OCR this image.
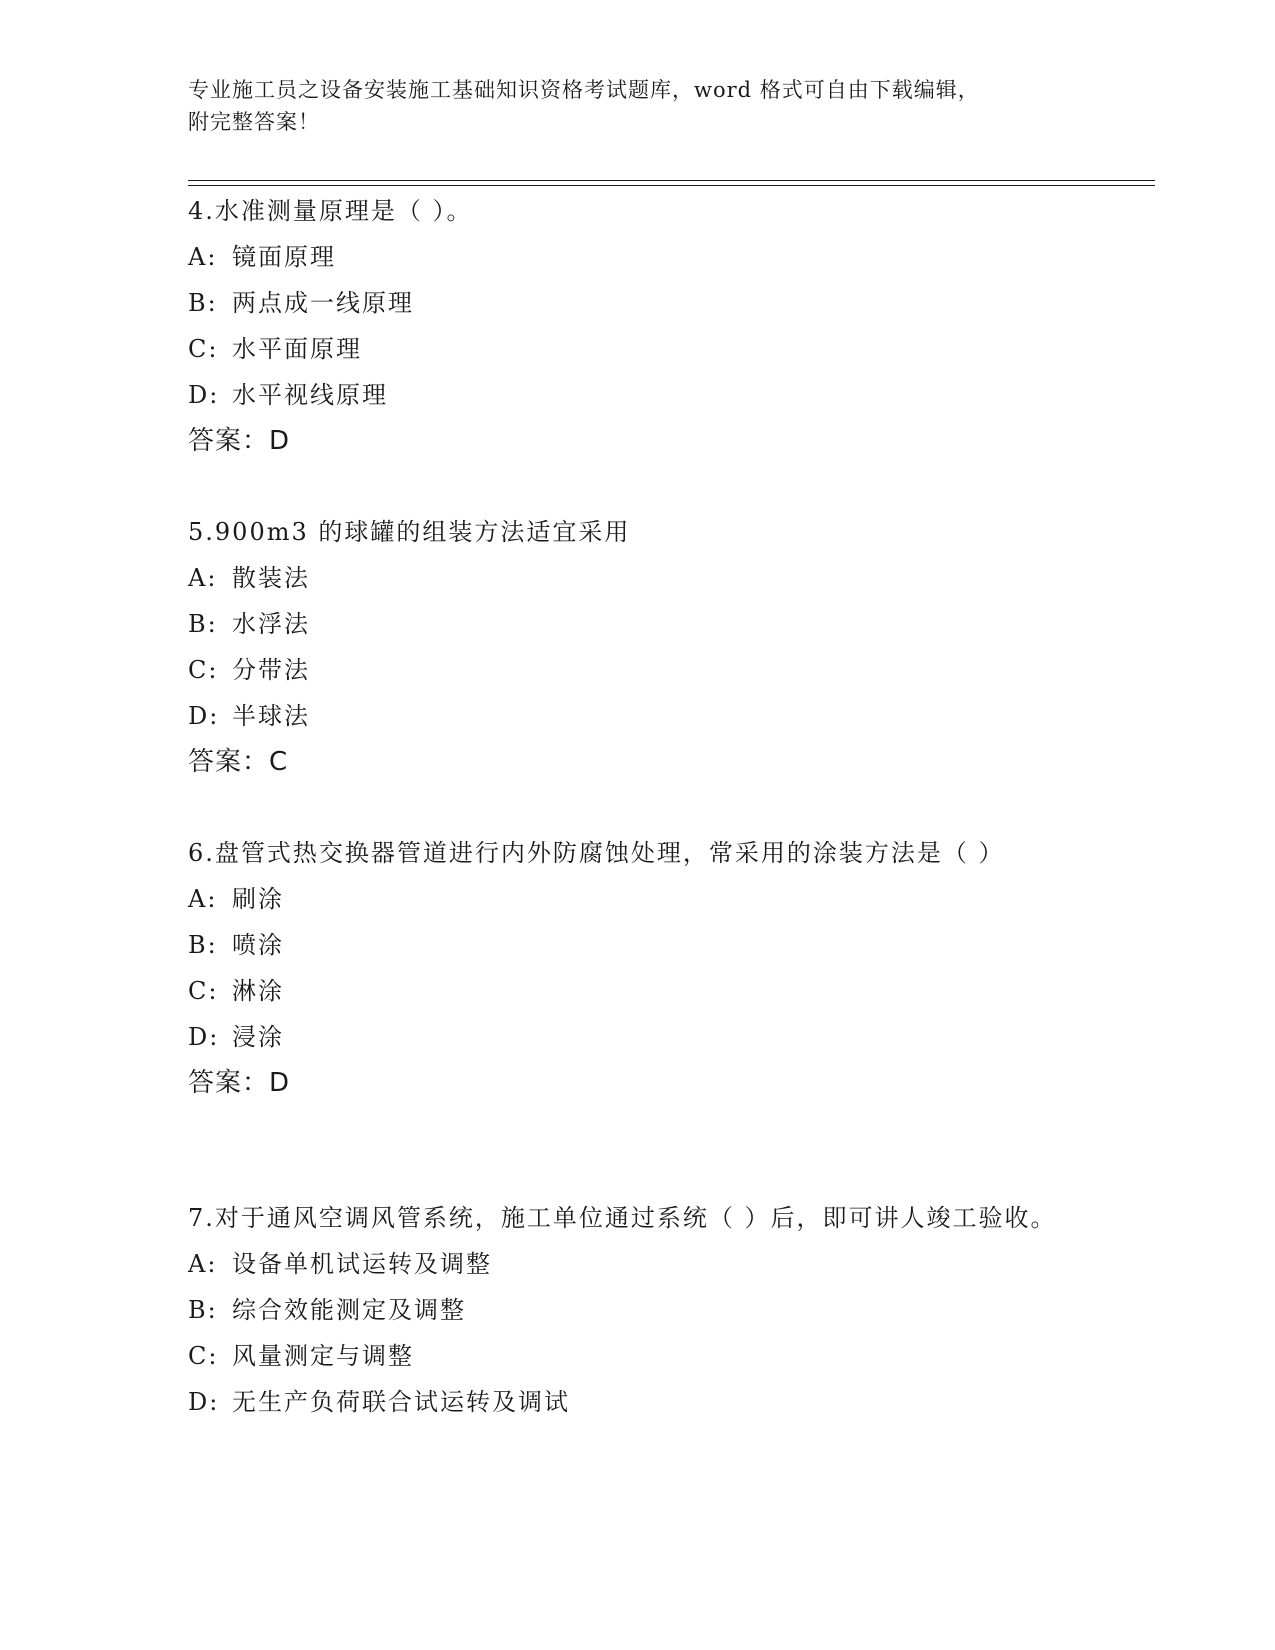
专业施工员之设备安装施工基础知识资格考试题库，word 格式可自由下载编辑，
附完整答案！
4.水准测量原理是（ ）。
A: 镜面原理
B: 两点成一线原理
C: 水平面原理
D: 水平视线原理
答案：D
5.900m3 的球罐的组装方法适宜采用
A: 散装法
B: 水浮法
C: 分带法
D: 半球法
答案：C
6.盘管式热交换器管道进行内外防腐蚀处理，常采用的涂装方法是（ ）
A: 刷涂
B: 喷涂
C: 淋涂
D: 浸涂
答案：D
7.对于通风空调风管系统，施工单位通过系统（ ）后，即可讲人竣工验收。
A: 设备单机试运转及调整
B: 综合效能测定及调整
C: 风量测定与调整
D: 无生产负荷联合试运转及调试
